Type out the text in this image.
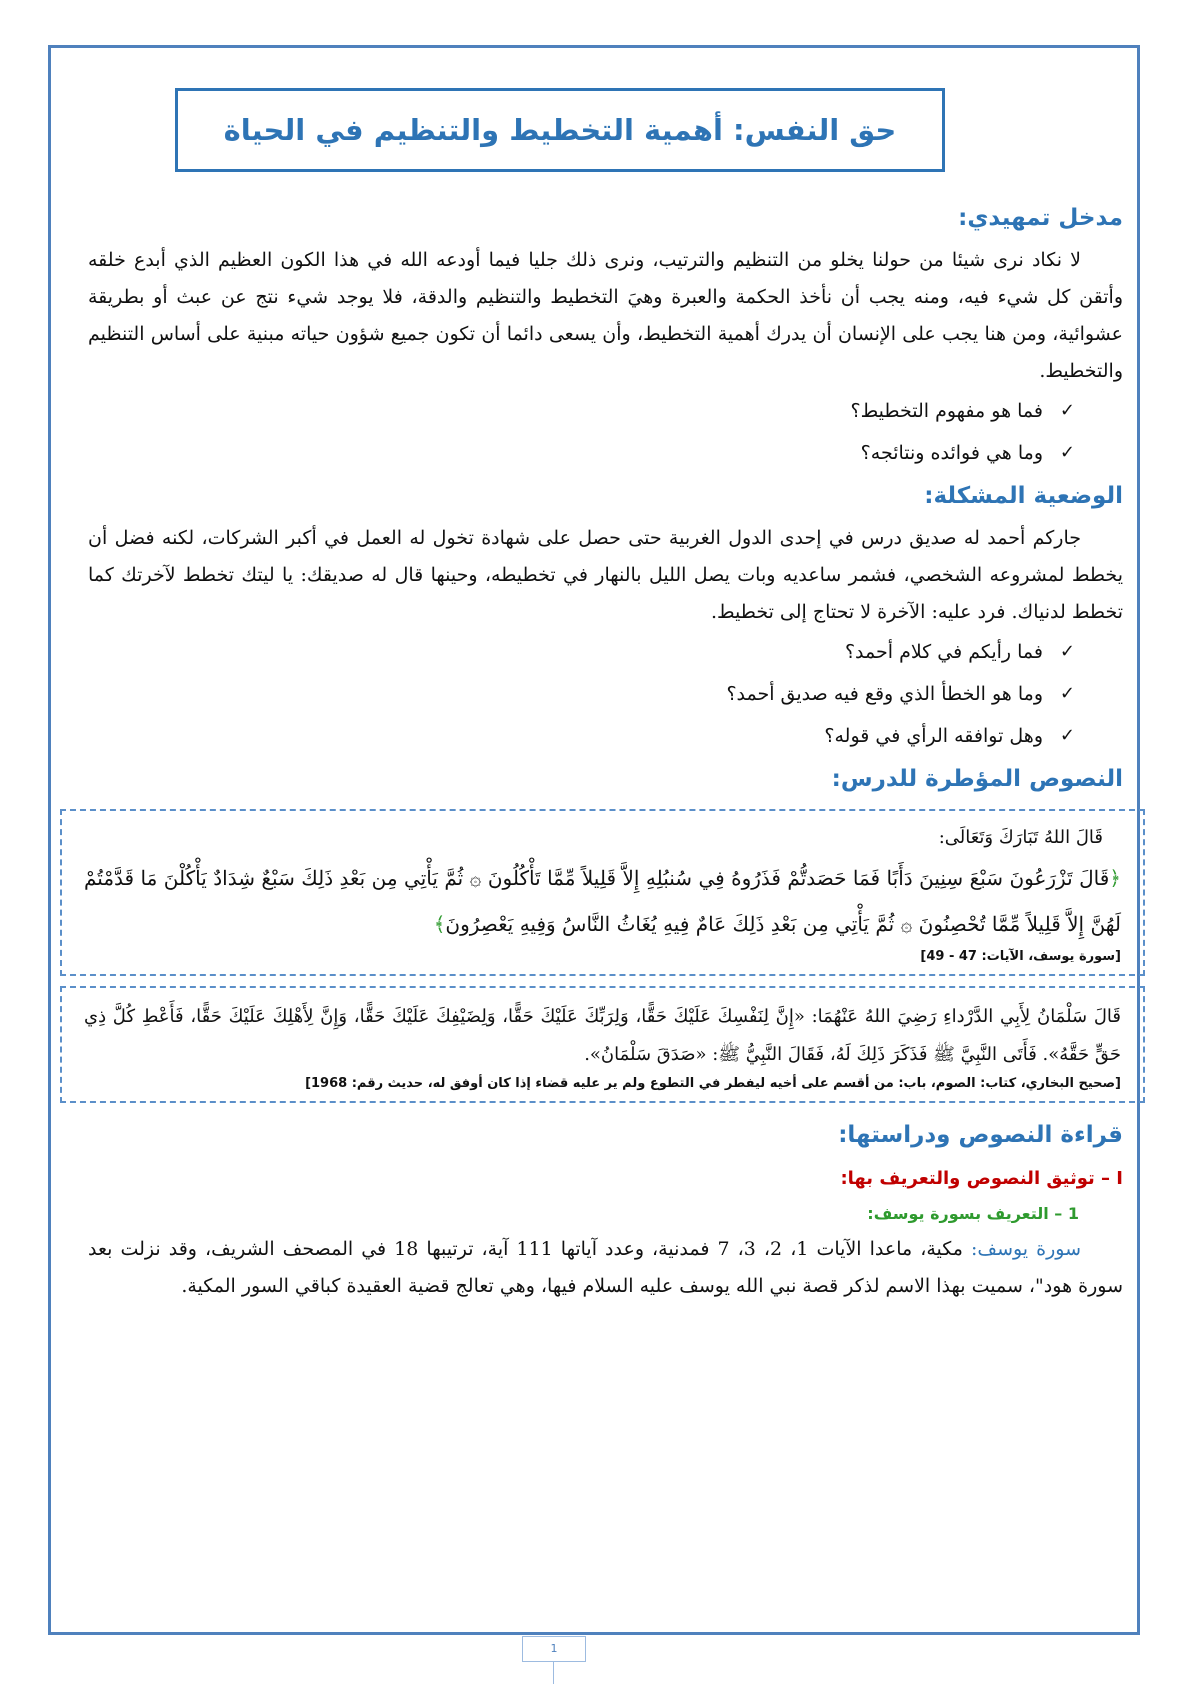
حق النفس: أهمية التخطيط والتنظيم في الحياة
مدخل تمهيدي:

لا نكاد نرى شيئا من حولنا يخلو من التنظيم والترتيب، ونرى ذلك جليا فيما أودعه الله في هذا الكون العظيم الذي أبدع خلقه وأتقن كل شيء فيه، ومنه يجب أن نأخذ الحكمة والعبرة وهيَ التخطيط والتنظيم والدقة، فلا يوجد شيء نتج عن عبث أو بطريقة عشوائية، ومن هنا يجب على الإنسان أن يدرك أهمية التخطيط، وأن يسعى دائما أن تكون جميع شؤون حياته مبنية على أساس التنظيم والتخطيط.

✓
فما هو مفهوم التخطيط؟
✓
وما هي فوائده ونتائجه؟
الوضعية المشكلة:

جاركم أحمد له صديق درس في إحدى الدول الغربية حتى حصل على شهادة تخول له العمل في أكبر الشركات، لكنه فضل أن يخطط لمشروعه الشخصي، فشمر ساعديه وبات يصل الليل بالنهار في تخطيطه، وحينها قال له صديقك: يا ليتك تخطط لآخرتك كما تخطط لدنياك. فرد عليه: الآخرة لا تحتاج إلى تخطيط.

✓
فما رأيكم في كلام أحمد؟
✓
وما هو الخطأ الذي وقع فيه صديق أحمد؟
✓
وهل توافقه الرأي في قوله؟
النصوص المؤطرة للدرس:

قَالَ اللهُ تَبَارَكَ وَتَعَالَى:

﴿قَالَ تَزْرَعُونَ سَبْعَ سِنِينَ دَأَبًا فَمَا حَصَدتُّمْ فَذَرُوهُ فِي سُنبُلِهِ إِلاَّ قَلِيلاً مِّمَّا تَأْكُلُونَ ۞ ثُمَّ يَأْتِي مِن بَعْدِ ذَلِكَ سَبْعٌ شِدَادٌ يَأْكُلْنَ مَا قَدَّمْتُمْ لَهُنَّ إِلاَّ قَلِيلاً مِّمَّا تُحْصِنُونَ ۞ ثُمَّ يَأْتِي مِن بَعْدِ ذَلِكَ عَامٌ فِيهِ يُغَاثُ النَّاسُ وَفِيهِ يَعْصِرُونَ﴾

[سورة يوسف، الآيات: 47 - 49]

قَالَ سَلْمَانُ لِأَبِي الدَّرْداءِ رَضِيَ اللهُ عَنْهُمَا: «إِنَّ لِنَفْسِكَ عَلَيْكَ حَقًّا، وَلِرَبِّكَ عَلَيْكَ حَقًّا، وَلِضَيْفِكَ عَلَيْكَ حَقًّا، وَإِنَّ لِأَهْلِكَ عَلَيْكَ حَقًّا، فَأَعْطِ كُلَّ ذِي حَقٍّ حَقَّهُ». فَأَتَى النَّبِيَّ ﷺ فَذَكَرَ ذَلِكَ لَهُ، فَقَالَ النَّبِيُّ ﷺ: «صَدَقَ سَلْمَانُ».

[صحيح البخاري، كتاب: الصوم، باب: من أقسم على أخيه ليفطر في التطوع ولم ير عليه قضاء إذا كان أوفق له، حديث رقم: 1968]

قراءة النصوص ودراستها:

I – توثيق النصوص والتعريف بها:

1 – التعريف بسورة يوسف:

سورة يوسف: مكية، ماعدا الآيات 1، 2، 3، 7 فمدنية، وعدد آياتها 111 آية، ترتيبها 18 في المصحف الشريف، وقد نزلت بعد سورة هود"، سميت بهذا الاسم لذكر قصة نبي الله يوسف عليه السلام فيها، وهي تعالج قضية العقيدة كباقي السور المكية.

1
